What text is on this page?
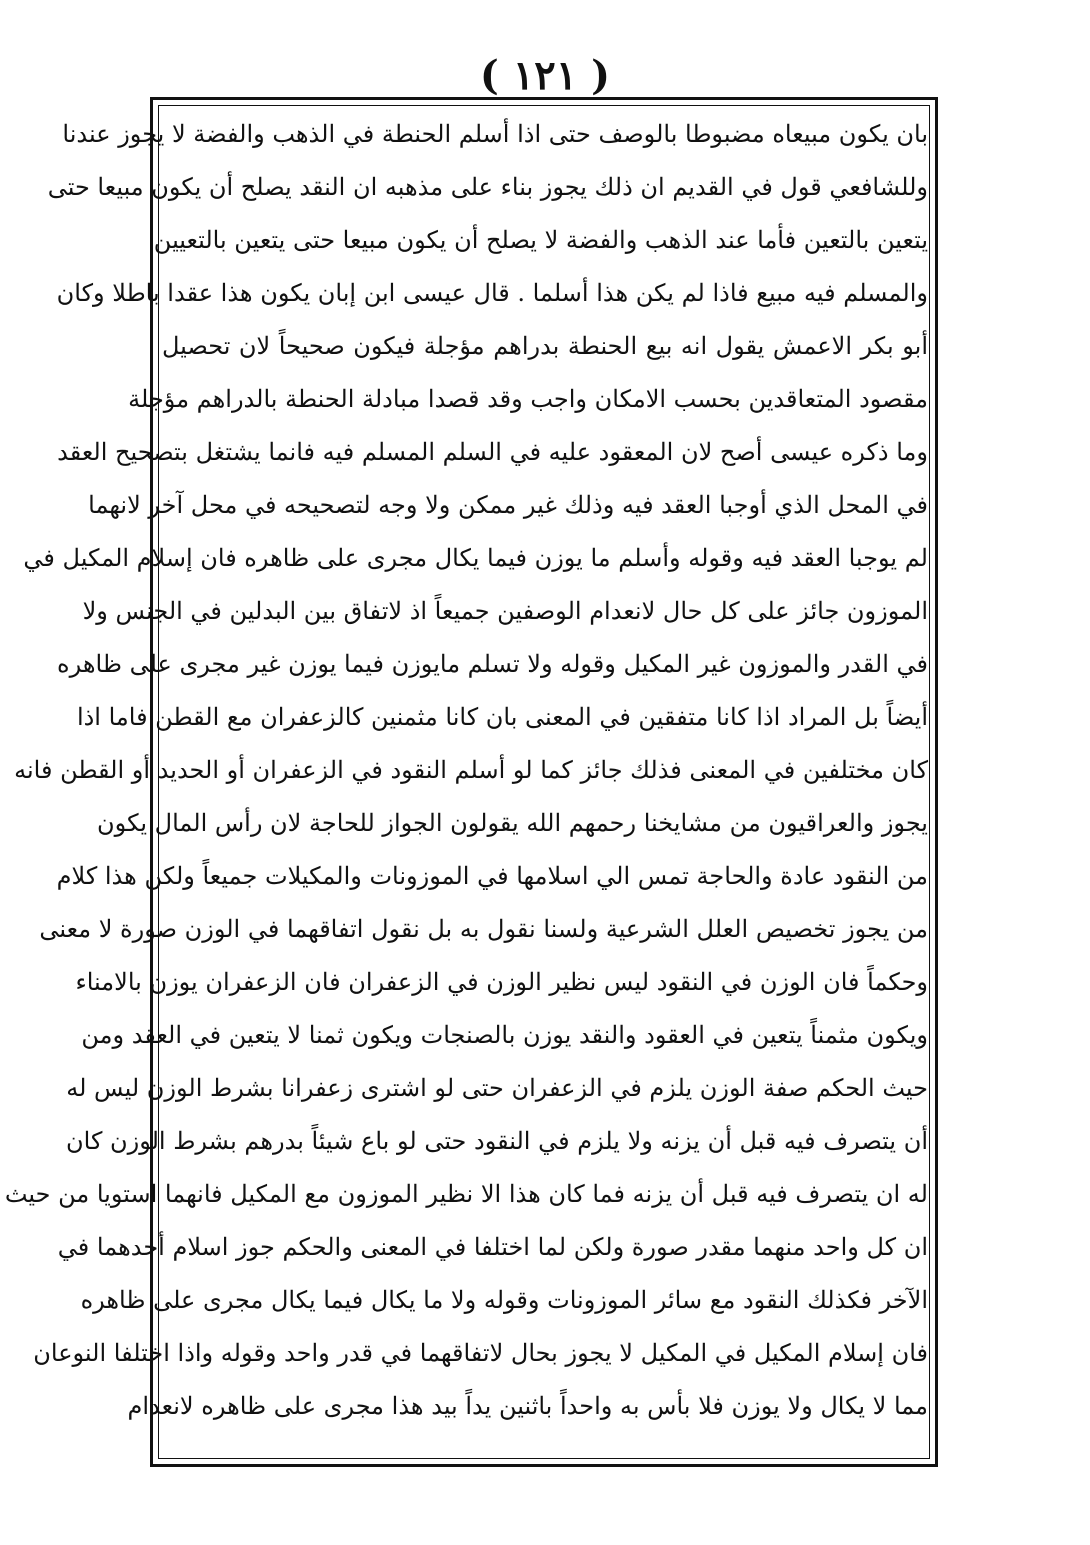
( ١٢١ )
بان يكون مبيعاه مضبوطا بالوصف حتى اذا أسلم الحنطة في الذهب والفضة لا يجوز عندنا
وللشافعي قول في القديم ان ذلك يجوز بناء على مذهبه ان النقد يصلح أن يكون مبيعا حتى
يتعين بالتعين فأما عند الذهب والفضة لا يصلح أن يكون مبيعا حتى يتعين بالتعيين
والمسلم فيه مبيع فاذا لم يكن هذا أسلما . قال عيسى ابن إبان يكون هذا عقدا باطلا وكان
أبو بكر الاعمش يقول انه بيع الحنطة بدراهم مؤجلة فيكون صحيحاً لان تحصيل
مقصود المتعاقدين بحسب الامكان واجب وقد قصدا مبادلة الحنطة بالدراهم مؤجلة
وما ذكره عيسى أصح لان المعقود عليه في السلم المسلم فيه فانما يشتغل بتصحيح العقد
في المحل الذي أوجبا العقد فيه وذلك غير ممكن ولا وجه لتصحيحه في محل آخر لانهما
لم يوجبا العقد فيه وقوله وأسلم ما يوزن فيما يكال مجرى على ظاهره فان إسلام المكيل في
الموزون جائز على كل حال لانعدام الوصفين جميعاً اذ لاتفاق بين البدلين في الجنس ولا
في القدر والموزون غير المكيل وقوله ولا تسلم مايوزن فيما يوزن غير مجرى على ظاهره
أيضاً بل المراد اذا كانا متفقين في المعنى بان كانا مثمنين كالزعفران مع القطن فاما اذا
كان مختلفين في المعنى فذلك جائز كما لو أسلم النقود في الزعفران أو الحديد أو القطن فانه
يجوز والعراقيون من مشايخنا رحمهم الله يقولون الجواز للحاجة لان رأس المال يكون
من النقود عادة والحاجة تمس الي اسلامها في الموزونات والمكيلات جميعاً ولكن هذا كلام
من يجوز تخصيص العلل الشرعية ولسنا نقول به بل نقول اتفاقهما في الوزن صورة لا معنى
وحكماً فان الوزن في النقود ليس نظير الوزن في الزعفران فان الزعفران يوزن بالامناء
ويكون مثمناً يتعين في العقود والنقد يوزن بالصنجات ويكون ثمنا لا يتعين في العقد ومن
حيث الحكم صفة الوزن يلزم في الزعفران حتى لو اشترى زعفرانا بشرط الوزن ليس له
أن يتصرف فيه قبل أن يزنه ولا يلزم في النقود حتى لو باع شيئاً بدرهم بشرط الوزن كان
له ان يتصرف فيه قبل أن يزنه فما كان هذا الا نظير الموزون مع المكيل فانهما استويا من حيث
ان كل واحد منهما مقدر صورة ولكن لما اختلفا في المعنى والحكم جوز اسلام أحدهما في
الآخر فكذلك النقود مع سائر الموزونات وقوله ولا ما يكال فيما يكال مجرى على ظاهره
فان إسلام المكيل في المكيل لا يجوز بحال لاتفاقهما في قدر واحد وقوله واذا اختلفا النوعان
مما لا يكال ولا يوزن فلا بأس به واحداً باثنين يداً بيد هذا مجرى على ظاهره لانعدام
